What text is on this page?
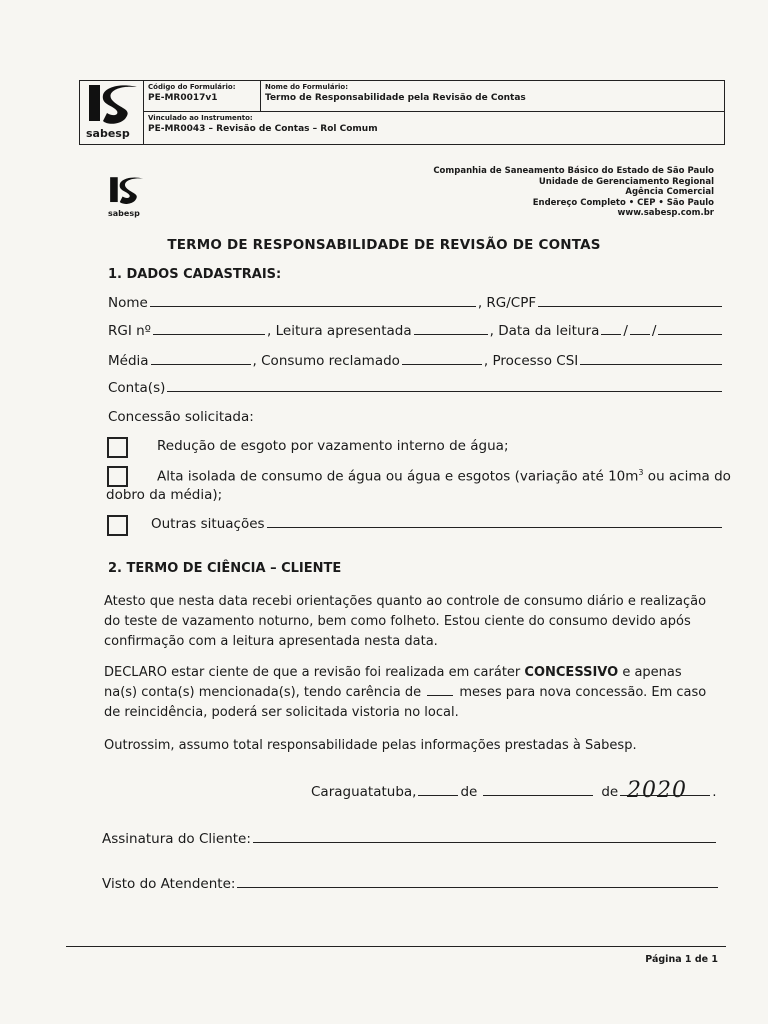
sabesp
Código do Formulário:
PE-MR0017v1
Nome do Formulário:
Termo de Responsabilidade pela Revisão de Contas
Vinculado ao Instrumento:
PE-MR0043 – Revisão de Contas – Rol Comum
sabesp
Companhia de Saneamento Básico do Estado de São Paulo
Unidade de Gerenciamento Regional
Agência Comercial
Endereço Completo • CEP • São Paulo
www.sabesp.com.br
TERMO DE RESPONSABILIDADE DE REVISÃO DE CONTAS
1. DADOS CADASTRAIS:
Nome	, RG/CPF
RGI nº	, Leitura apresentada	, Data da leitura / /
Média	, Consumo reclamado	, Processo CSI
Conta(s)
Concessão solicitada:
Redução de esgoto por vazamento interno de água;
Alta isolada de consumo de água ou água e esgotos (variação até $10m^3$ ou acima do
dobro da média);
Outras situações
2. TERMO DE CIÊNCIA – CLIENTE

Atesto que nesta data recebi orientações quanto ao controle de consumo diário e realização

do teste de vazamento noturno, bem como folheto. Estou ciente do consumo devido após

confirmação com a leitura apresentada nesta data.

DECLARO estar ciente de que a revisão foi realizada em caráter CONCESSIVO e apenas

na(s) conta(s) mencionada(s), tendo carência de  meses para nova concessão. Em caso

de reincidência, poderá ser solicitada vistoria no local.

Outrossim, assumo total responsabilidade pelas informações prestadas à Sabesp.
Caraguatatuba,	de	de	.
2020
Assinatura do Cliente:
Visto do Atendente:
Página 1 de 1
